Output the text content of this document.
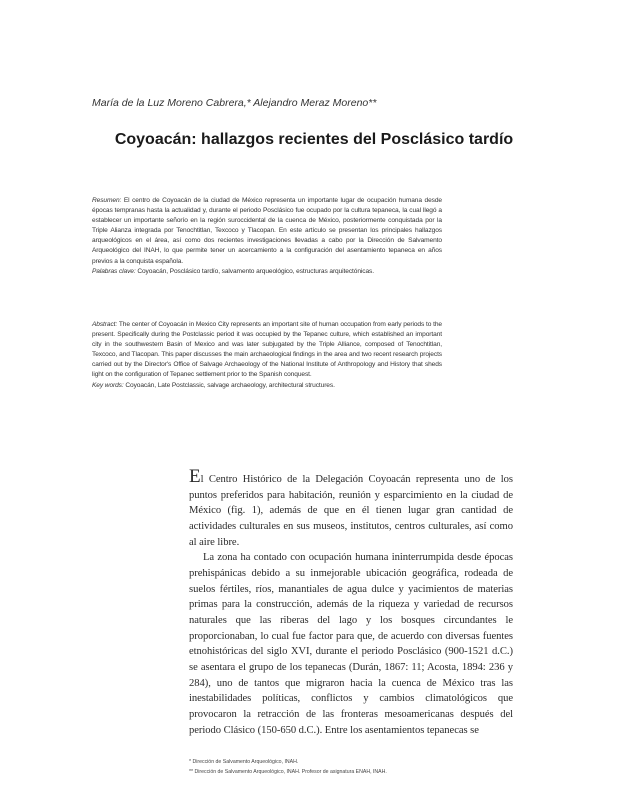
María de la Luz Moreno Cabrera,* Alejandro Meraz Moreno**
Coyoacán: hallazgos recientes del Posclásico tardío
Resumen: El centro de Coyoacán de la ciudad de México representa un importante lugar de ocupación humana desde épocas tempranas hasta la actualidad y, durante el periodo Posclásico fue ocupado por la cultura tepaneca, la cual llegó a establecer un importante señorío en la región suroccidental de la cuenca de México, posteriormente conquistada por la Triple Alianza integrada por Tenochtitlan, Texcoco y Tlacopan. En este artículo se presentan los principales hallazgos arqueológicos en el área, así como dos recientes investigaciones llevadas a cabo por la Dirección de Salvamento Arqueológico del INAH, lo que permite tener un acercamiento a la configuración del asentamiento tepaneca en años previos a la conquista española.
Palabras clave: Coyoacán, Posclásico tardío, salvamento arqueológico, estructuras arquitectónicas.
Abstract: The center of Coyoacán in Mexico City represents an important site of human occupation from early periods to the present. Specifically during the Postclassic period it was occupied by the Tepanec culture, which established an important city in the southwestern Basin of Mexico and was later subjugated by the Triple Alliance, composed of Tenochtitlan, Texcoco, and Tlacopan. This paper discusses the main archaeological findings in the area and two recent research projects carried out by the Director's Office of Salvage Archaeology of the National Institute of Anthropology and History that sheds light on the configuration of Tepanec settlement prior to the Spanish conquest.
Key words: Coyoacán, Late Postclassic, salvage archaeology, architectural structures.

El Centro Histórico de la Delegación Coyoacán representa uno de los puntos preferidos para habitación, reunión y esparcimiento en la ciudad de México (fig. 1), además de que en él tienen lugar gran cantidad de actividades culturales en sus museos, institutos, centros culturales, así como al aire libre.

La zona ha contado con ocupación humana ininterrumpida desde épocas prehispánicas debido a su inmejorable ubicación geográfica, rodeada de suelos fértiles, ríos, manantiales de agua dulce y yacimientos de materias primas para la construcción, además de la riqueza y variedad de recursos naturales que las riberas del lago y los bosques circundantes le proporcionaban, lo cual fue factor para que, de acuerdo con diversas fuentes etnohistóricas del siglo XVI, durante el periodo Posclásico (900-1521 d.C.) se asentara el grupo de los tepanecas (Durán, 1867: 11; Acosta, 1894: 236 y 284), uno de tantos que migraron hacia la cuenca de México tras las inestabilidades políticas, conflictos y cambios climatológicos que provocaron la retracción de las fronteras mesoamericanas después del periodo Clásico (150-650 d.C.). Entre los asentamientos tepanecas se

* Dirección de Salvamento Arqueológico, INAH.
** Dirección de Salvamento Arqueológico, INAH. Profesor de asignatura ENAH, INAH.
